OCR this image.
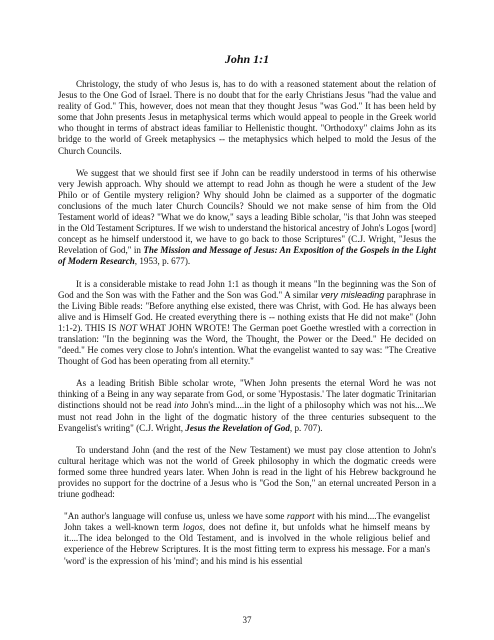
John 1:1

Christology, the study of who Jesus is, has to do with a reasoned statement about the relation of Jesus to the One God of Israel. There is no doubt that for the early Christians Jesus "had the value and reality of God." This, however, does not mean that they thought Jesus "was God." It has been held by some that John presents Jesus in metaphysical terms which would appeal to people in the Greek world who thought in terms of abstract ideas familiar to Hellenistic thought. "Orthodoxy" claims John as its bridge to the world of Greek metaphysics -- the metaphysics which helped to mold the Jesus of the Church Councils.

We suggest that we should first see if John can be readily understood in terms of his otherwise very Jewish approach. Why should we attempt to read John as though he were a student of the Jew Philo or of Gentile mystery religion? Why should John be claimed as a supporter of the dogmatic conclusions of the much later Church Councils? Should we not make sense of him from the Old Testament world of ideas? "What we do know," says a leading Bible scholar, "is that John was steeped in the Old Testament Scriptures. If we wish to understand the historical ancestry of John's Logos [word] concept as he himself understood it, we have to go back to those Scriptures" (C.J. Wright, "Jesus the Revelation of God," in The Mission and Message of Jesus: An Exposition of the Gospels in the Light of Modern Research, 1953, p. 677).

It is a considerable mistake to read John 1:1 as though it means "In the beginning was the Son of God and the Son was with the Father and the Son was God." A similar very misleading paraphrase in the Living Bible reads: "Before anything else existed, there was Christ, with God. He has always been alive and is Himself God. He created everything there is -- nothing exists that He did not make" (John 1:1-2). THIS IS NOT WHAT JOHN WROTE! The German poet Goethe wrestled with a correction in translation: "In the beginning was the Word, the Thought, the Power or the Deed." He decided on "deed." He comes very close to John's intention. What the evangelist wanted to say was: "The Creative Thought of God has been operating from all eternity."

As a leading British Bible scholar wrote, "When John presents the eternal Word he was not thinking of a Being in any way separate from God, or some 'Hypostasis.' The later dogmatic Trinitarian distinctions should not be read into John's mind....in the light of a philosophy which was not his....We must not read John in the light of the dogmatic history of the three centuries subsequent to the Evangelist's writing" (C.J. Wright, Jesus the Revelation of God, p. 707).

To understand John (and the rest of the New Testament) we must pay close attention to John's cultural heritage which was not the world of Greek philosophy in which the dogmatic creeds were formed some three hundred years later. When John is read in the light of his Hebrew background he provides no support for the doctrine of a Jesus who is "God the Son," an eternal uncreated Person in a triune godhead:

"An author's language will confuse us, unless we have some rapport with his mind....The evangelist John takes a well-known term logos, does not define it, but unfolds what he himself means by it....The idea belonged to the Old Testament, and is involved in the whole religious belief and experience of the Hebrew Scriptures. It is the most fitting term to express his message. For a man's 'word' is the expression of his 'mind'; and his mind is his essential

37
